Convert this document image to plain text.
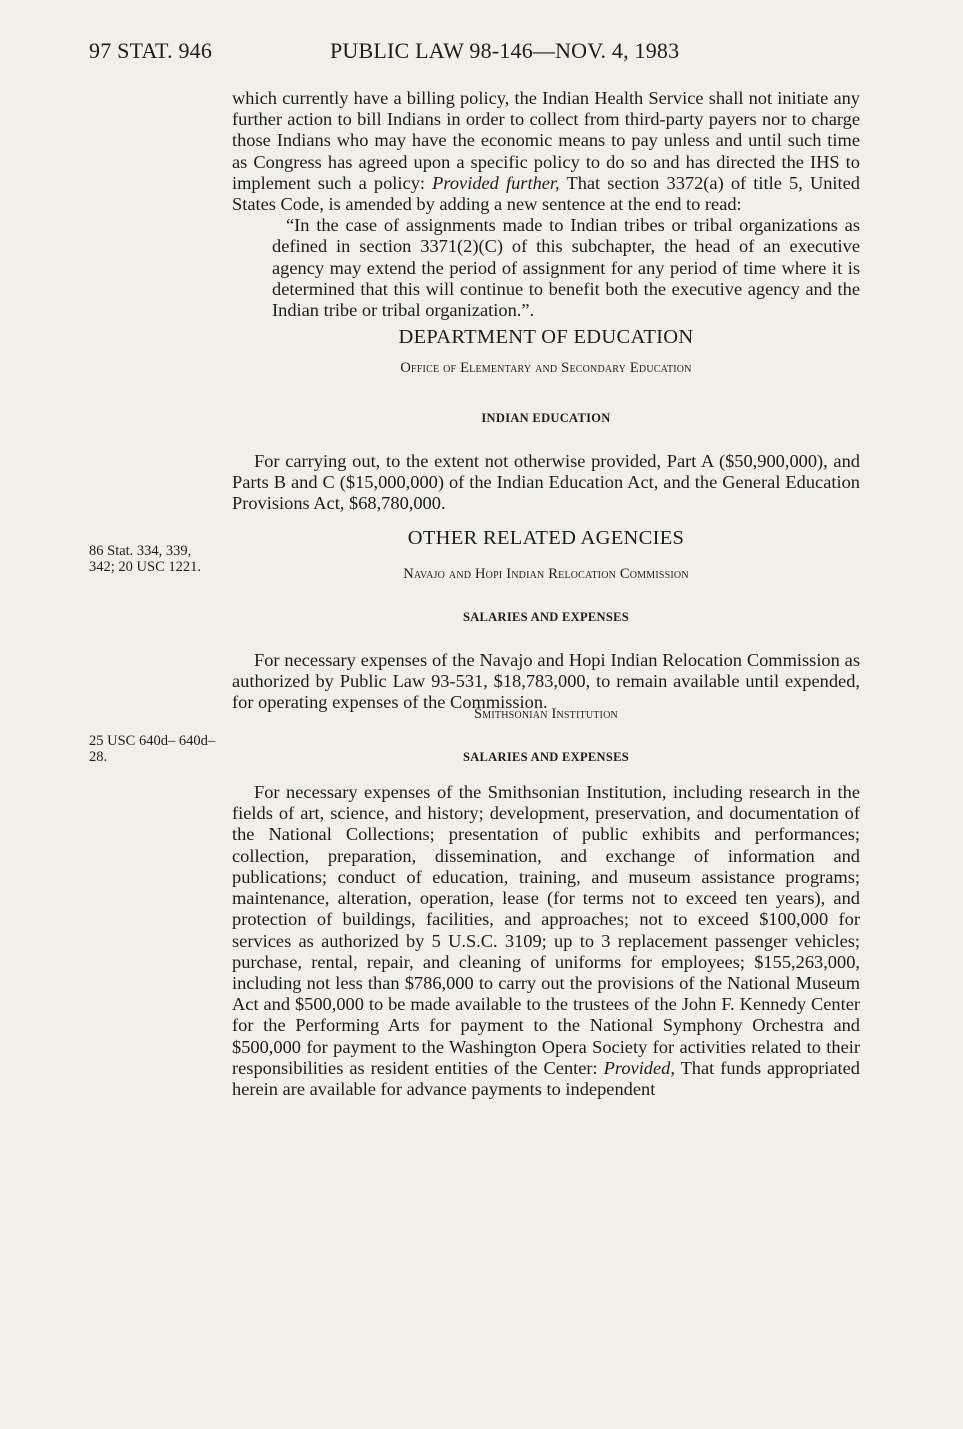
97 STAT. 946	PUBLIC LAW 98-146—NOV. 4, 1983
86 Stat. 334, 339, 342; 20 USC 1221.
25 USC 640d– 640d–28.

which currently have a billing policy, the Indian Health Service shall not initiate any further action to bill Indians in order to collect from third-party payers nor to charge those Indians who may have the economic means to pay unless and until such time as Congress has agreed upon a specific policy to do so and has directed the IHS to implement such a policy: Provided further, That section 3372(a) of title 5, United States Code, is amended by adding a new sentence at the end to read:

“In the case of assignments made to Indian tribes or tribal organizations as defined in section 3371(2)(C) of this subchapter, the head of an executive agency may extend the period of assignment for any period of time where it is determined that this will continue to benefit both the executive agency and the Indian tribe or tribal organization.”.

DEPARTMENT OF EDUCATION

Office of Elementary and Secondary Education

INDIAN EDUCATION

For carrying out, to the extent not otherwise provided, Part A ($50,900,000), and Parts B and C ($15,000,000) of the Indian Education Act, and the General Education Provisions Act, $68,780,000.

OTHER RELATED AGENCIES

Navajo and Hopi Indian Relocation Commission

SALARIES AND EXPENSES

For necessary expenses of the Navajo and Hopi Indian Relocation Commission as authorized by Public Law 93-531, $18,783,000, to remain available until expended, for operating expenses of the Commission.

Smithsonian Institution

SALARIES AND EXPENSES

For necessary expenses of the Smithsonian Institution, including research in the fields of art, science, and history; development, preservation, and documentation of the National Collections; presentation of public exhibits and performances; collection, preparation, dissemination, and exchange of information and publications; conduct of education, training, and museum assistance programs; maintenance, alteration, operation, lease (for terms not to exceed ten years), and protection of buildings, facilities, and approaches; not to exceed $100,000 for services as authorized by 5 U.S.C. 3109; up to 3 replacement passenger vehicles; purchase, rental, repair, and cleaning of uniforms for employees; $155,263,000, including not less than $786,000 to carry out the provisions of the National Museum Act and $500,000 to be made available to the trustees of the John F. Kennedy Center for the Performing Arts for payment to the National Symphony Orchestra and $500,000 for payment to the Washington Opera Society for activities related to their responsibilities as resident entities of the Center: Provided, That funds appropriated herein are available for advance payments to independent
